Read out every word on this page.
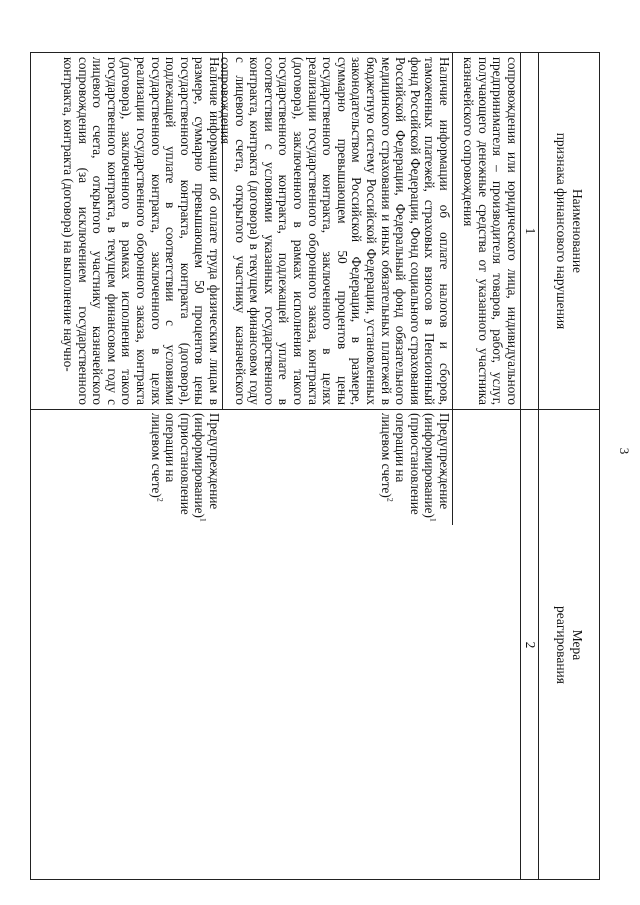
3
Наименование
признака финансового нарушения
Мера
реагирования
1
2

сопровождения или юридического лица, индивидуального предпринимателя – производителя товаров, работ, услуг, получающего денежные средства от указанного участника казначейского сопровождения

Наличие информации об оплате налогов и сборов, таможенных платежей, страховых взносов в Пенсионный фонд Российской Федерации, Фонд социального страхования Российской Федерации, Федеральный фонд обязательного медицинского страхования и иных обязательных платежей в бюджетную систему Российской Федерации, установленных законодательством Российской Федерации, в размере, суммарно превышающем 50 процентов цены государственного контракта, заключенного в целях реализации государственного оборонного заказа, контракта (договора), заключенного в рамках исполнения такого государственного контракта, подлежащей уплате в соответствии с условиями указанных государственного контракта, контракта (договора) в текущем финансовом году с лицевого счета, открытого участнику казначейского сопровождения

Предупреждение (информирование)$^1$

(приостановление операции на лицевом счете)$^2$

Наличие информации об оплате труда физическим лицам в размере, суммарно превышающем 50 процентов цены государственного контракта, контракта (договора), подлежащей уплате в соответствии с условиями государственного контракта, заключенного в целях реализации государственного оборонного заказа, контракта (договора), заключенного в рамках исполнения такого государственного контракта, в текущем финансовом году с лицевого счета, открытого участнику казначейского сопровождения (за исключением государственного контракта, контракта (договора) на выполнение научно-

Предупреждение (информирование)$^1$

(приостановление операции на лицевом счете)$^2$
